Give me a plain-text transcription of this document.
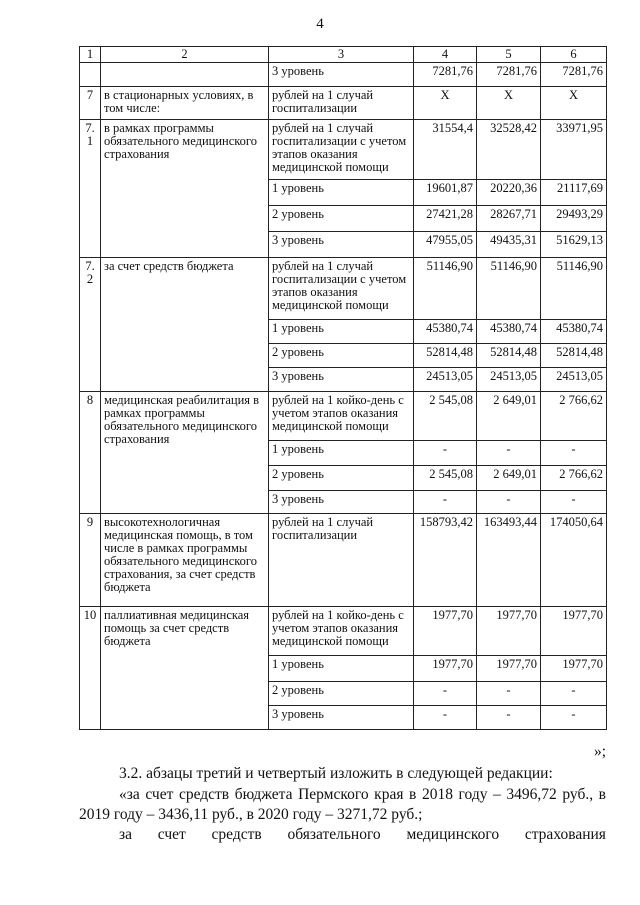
4
1	2	3	4	5	6
		3 уровень	7281,76	7281,76	7281,76
7	в стационарных условиях, в том числе:	рублей на 1 случай госпитализации	Х	Х	Х
7.1	в рамках программы обязательного медицинского страхования	рублей на 1 случай госпитализации с учетом этапов оказания медицинской помощи	31554,4	32528,42	33971,95
		1 уровень	19601,87	20220,36	21117,69
		2 уровень	27421,28	28267,71	29493,29
		3 уровень	47955,05	49435,31	51629,13
7.2	за счет средств бюджета	рублей на 1 случай госпитализации с учетом этапов оказания медицинской помощи	51146,90	51146,90	51146,90
		1 уровень	45380,74	45380,74	45380,74
		2 уровень	52814,48	52814,48	52814,48
		3 уровень	24513,05	24513,05	24513,05
8	медицинская реабилитация в рамках программы обязательного медицинского страхования	рублей на 1 койко-день с учетом этапов оказания медицинской помощи	2 545,08	2 649,01	2 766,62
		1 уровень	-	-	-
		2 уровень	2 545,08	2 649,01	2 766,62
		3 уровень	-	-	-
9	высокотехнологичная медицинская помощь, в том числе в рамках программы обязательного медицинского страхования, за счет средств бюджета	рублей на 1 случай госпитализации	158793,42	163493,44	174050,64
10	паллиативная медицинская помощь за счет средств бюджета	рублей на 1 койко-день с учетом этапов оказания медицинской помощи	1977,70	1977,70	1977,70
		1 уровень	1977,70	1977,70	1977,70
		2 уровень	-	-	-
		3 уровень	-	-	-
»;
3.2. абзацы третий и четвертый изложить в следующей редакции:
«за счет средств бюджета Пермского края в 2018 году – 3496,72 руб., в 2019 году – 3436,11 руб., в 2020 году – 3271,72 руб.;
за счет средств обязательного медицинского страхования
